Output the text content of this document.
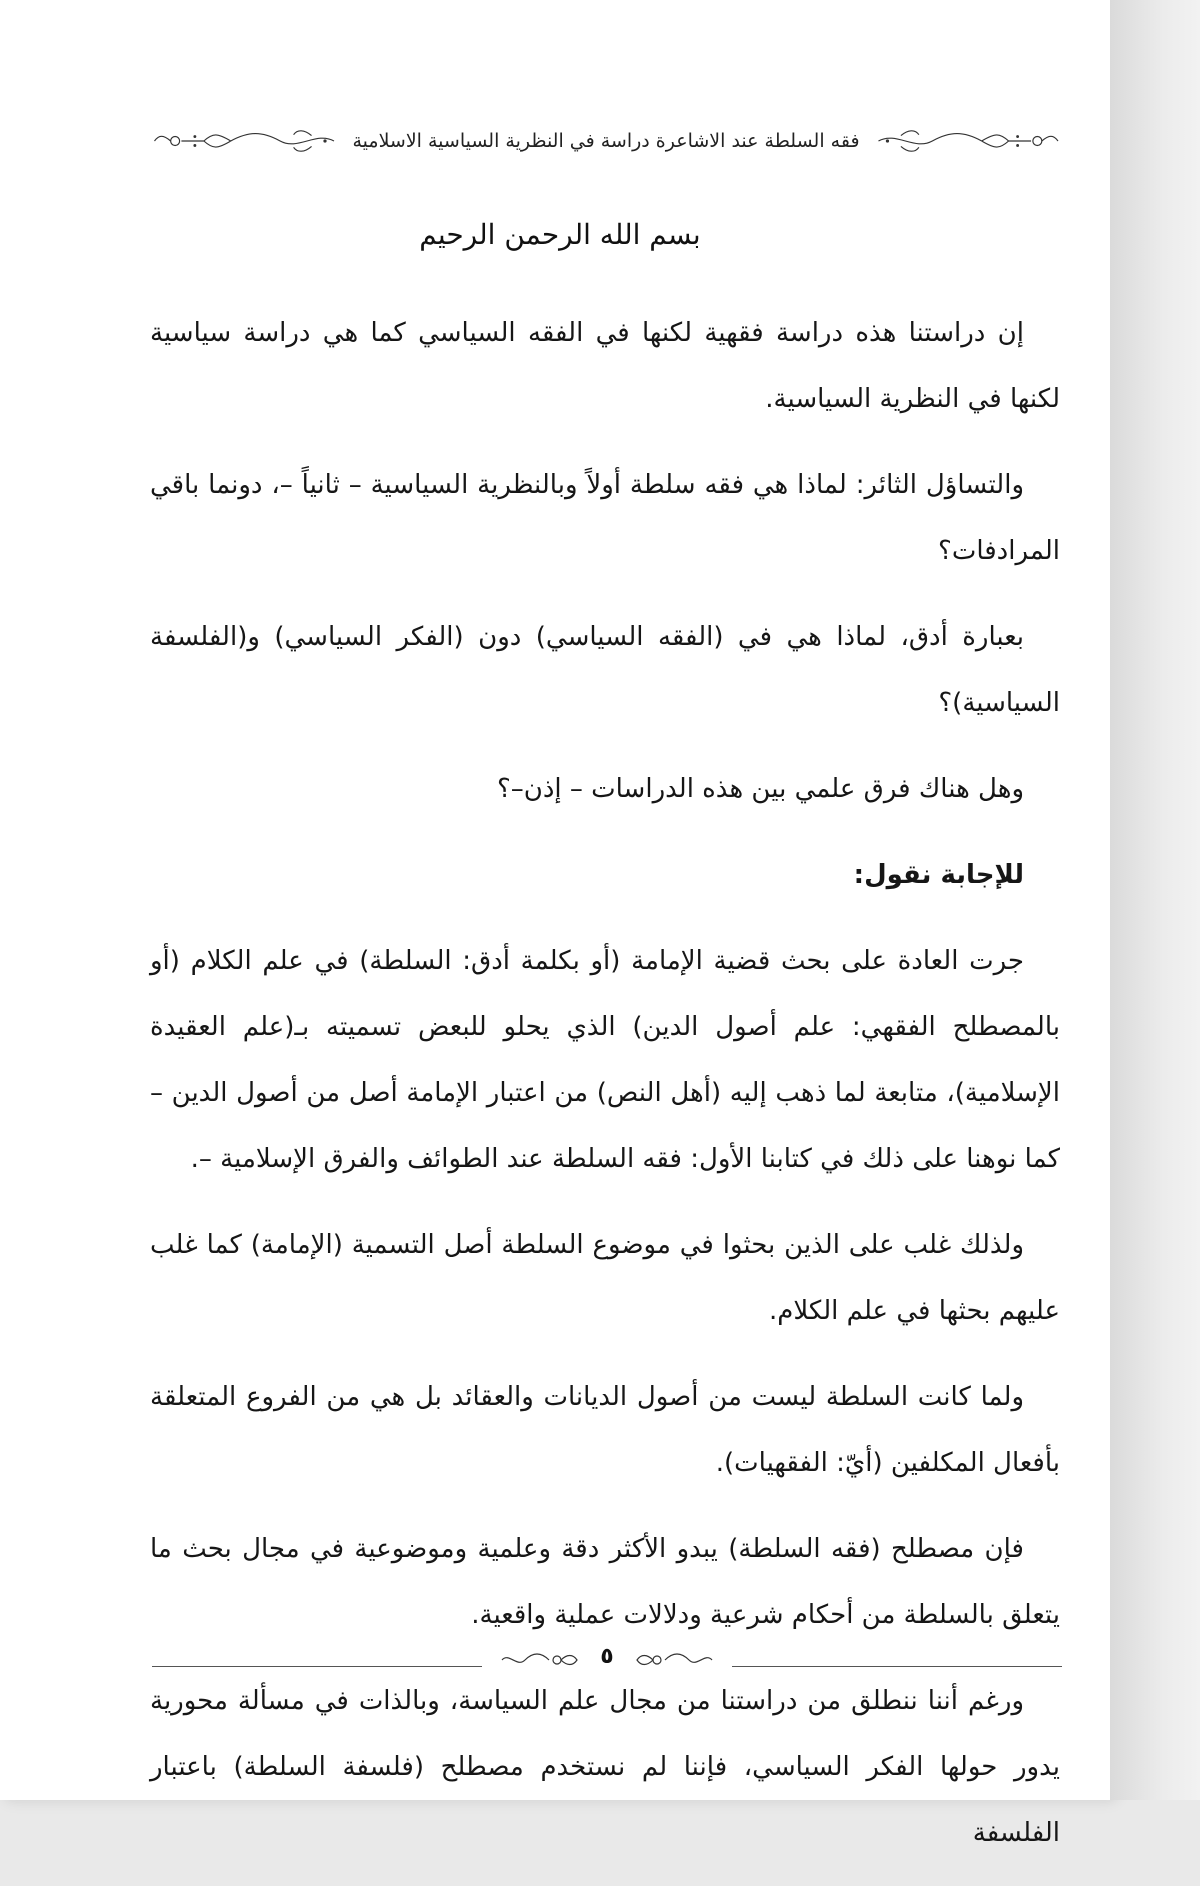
فقه السلطة عند الاشاعرة دراسة في النظرية السياسية الاسلامية
بسم الله الرحمن الرحيم

إن دراستنا هذه دراسة فقهية لكنها في الفقه السياسي كما هي دراسة سياسية لكنها في النظرية السياسية.

والتساؤل الثائر: لماذا هي فقه سلطة أولاً وبالنظرية السياسية – ثانياً –، دونما باقي المرادفات؟

بعبارة أدق، لماذا هي في (الفقه السياسي) دون (الفكر السياسي) و(الفلسفة السياسية)؟

وهل هناك فرق علمي بين هذه الدراسات – إذن–؟

للإجابة نقول:

جرت العادة على بحث قضية الإمامة (أو بكلمة أدق: السلطة) في علم الكلام (أو بالمصطلح الفقهي: علم أصول الدين) الذي يحلو للبعض تسميته بـ(علم العقيدة الإسلامية)، متابعة لما ذهب إليه (أهل النص) من اعتبار الإمامة أصل من أصول الدين – كما نوهنا على ذلك في كتابنا الأول: فقه السلطة عند الطوائف والفرق الإسلامية –.

ولذلك غلب على الذين بحثوا في موضوع السلطة أصل التسمية (الإمامة) كما غلب عليهم بحثها في علم الكلام.

ولما كانت السلطة ليست من أصول الديانات والعقائد بل هي من الفروع المتعلقة بأفعال المكلفين (أيّ: الفقهيات).

فإن مصطلح (فقه السلطة) يبدو الأكثر دقة وعلمية وموضوعية في مجال بحث ما يتعلق بالسلطة من أحكام شرعية ودلالات عملية واقعية.

ورغم أننا ننطلق من دراستنا من مجال علم السياسة، وبالذات في مسألة محورية يدور حولها الفكر السياسي، فإننا لم نستخدم مصطلح (فلسفة السلطة) باعتبار الفلسفة

٥
